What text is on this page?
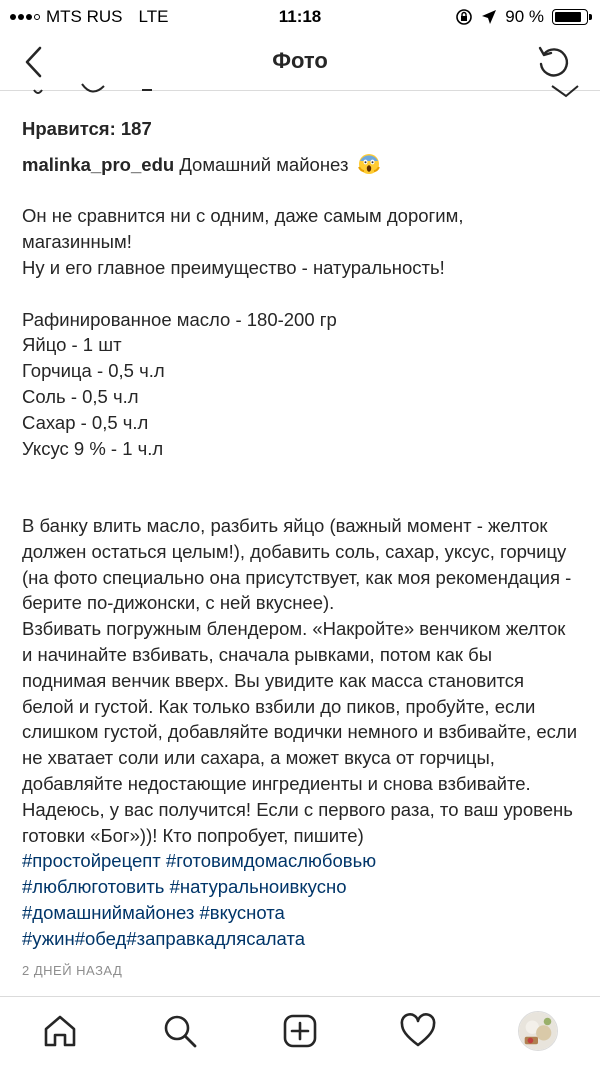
MTS RUS LTE	11:18	90 %
Фото
Нравится: 187
malinka_pro_edu Домашний майонез

Он не сравнится ни с одним, даже самым дорогим, магазинным!

Ну и его главное преимущество - натуральность!

Рафинированное масло - 180-200 гр

Яйцо - 1 шт

Горчица - 0,5 ч.л

Соль - 0,5 ч.л

Сахар - 0,5 ч.л

Уксус 9 % - 1 ч.л

В банку влить масло, разбить яйцо (важный момент - желток должен остаться целым!), добавить соль, сахар, уксус, горчицу (на фото специально она присутствует, как моя рекомендация - берите по-дижонски, с ней вкуснее).

Взбивать погружным блендером. «Накройте» венчиком желток и начинайте взбивать, сначала рывками, потом как бы поднимая венчик вверх. Вы увидите как масса становится белой и густой. Как только взбили до пиков, пробуйте, если слишком густой, добавляйте водички немного и взбивайте, если не хватает соли или сахара, а может вкуса от горчицы, добавляйте недостающие ингредиенты и снова взбивайте.

Надеюсь, у вас получится! Если с первого раза, то ваш уровень готовки «Бог»))! Кто попробует, пишите)

#простойрецепт #готовимдомаслюбовью
#люблюготовить #натуральноивкусно
#домашниймайонез #вкуснота
#ужин#обед#заправкадлясалата
2 ДНЕЙ НАЗАД
